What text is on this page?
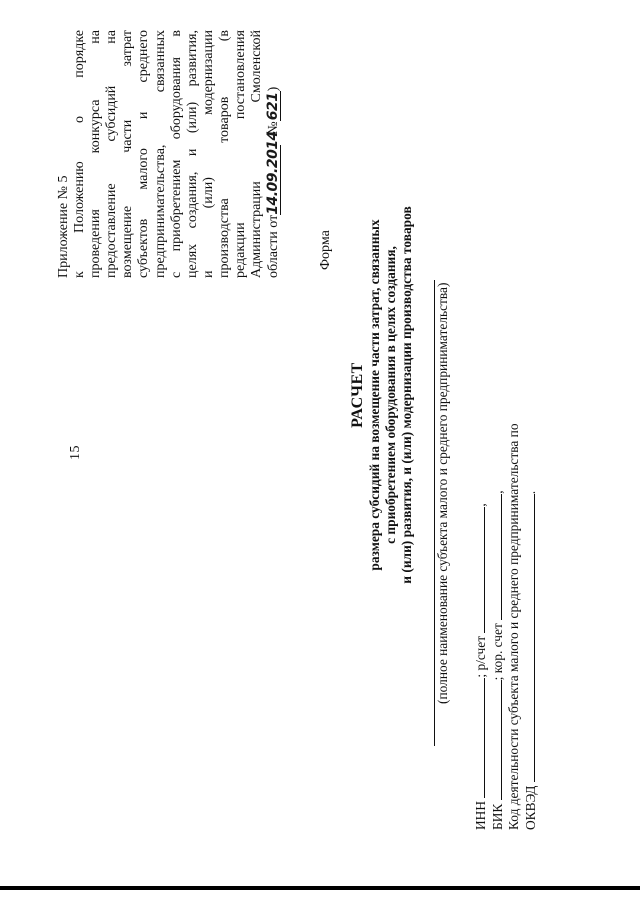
15
Приложение № 5 к Положению о порядке проведения конкурса на предоставление субсидий на возмещение части затрат субъектов малого и среднего предпринимательства, связанных с приобретением оборудования в целях создания, и (или) развития, и (или) модернизации производства товаров (в редакции постановления Администрации Смоленской области от14.09.2014№621)
Форма
РАСЧЕТ размера субсидий на возмещение части затрат, связанных с приобретением оборудования в целях создания, и (или) развития, и (или) модернизации производства товаров (полное наименование субъекта малого и среднего предпринимательства)
ИНН ; р/счет ,
БИК ; кор. счет , Код деятельности субъекта малого и среднего предпринимательства по ОКВЭД .
